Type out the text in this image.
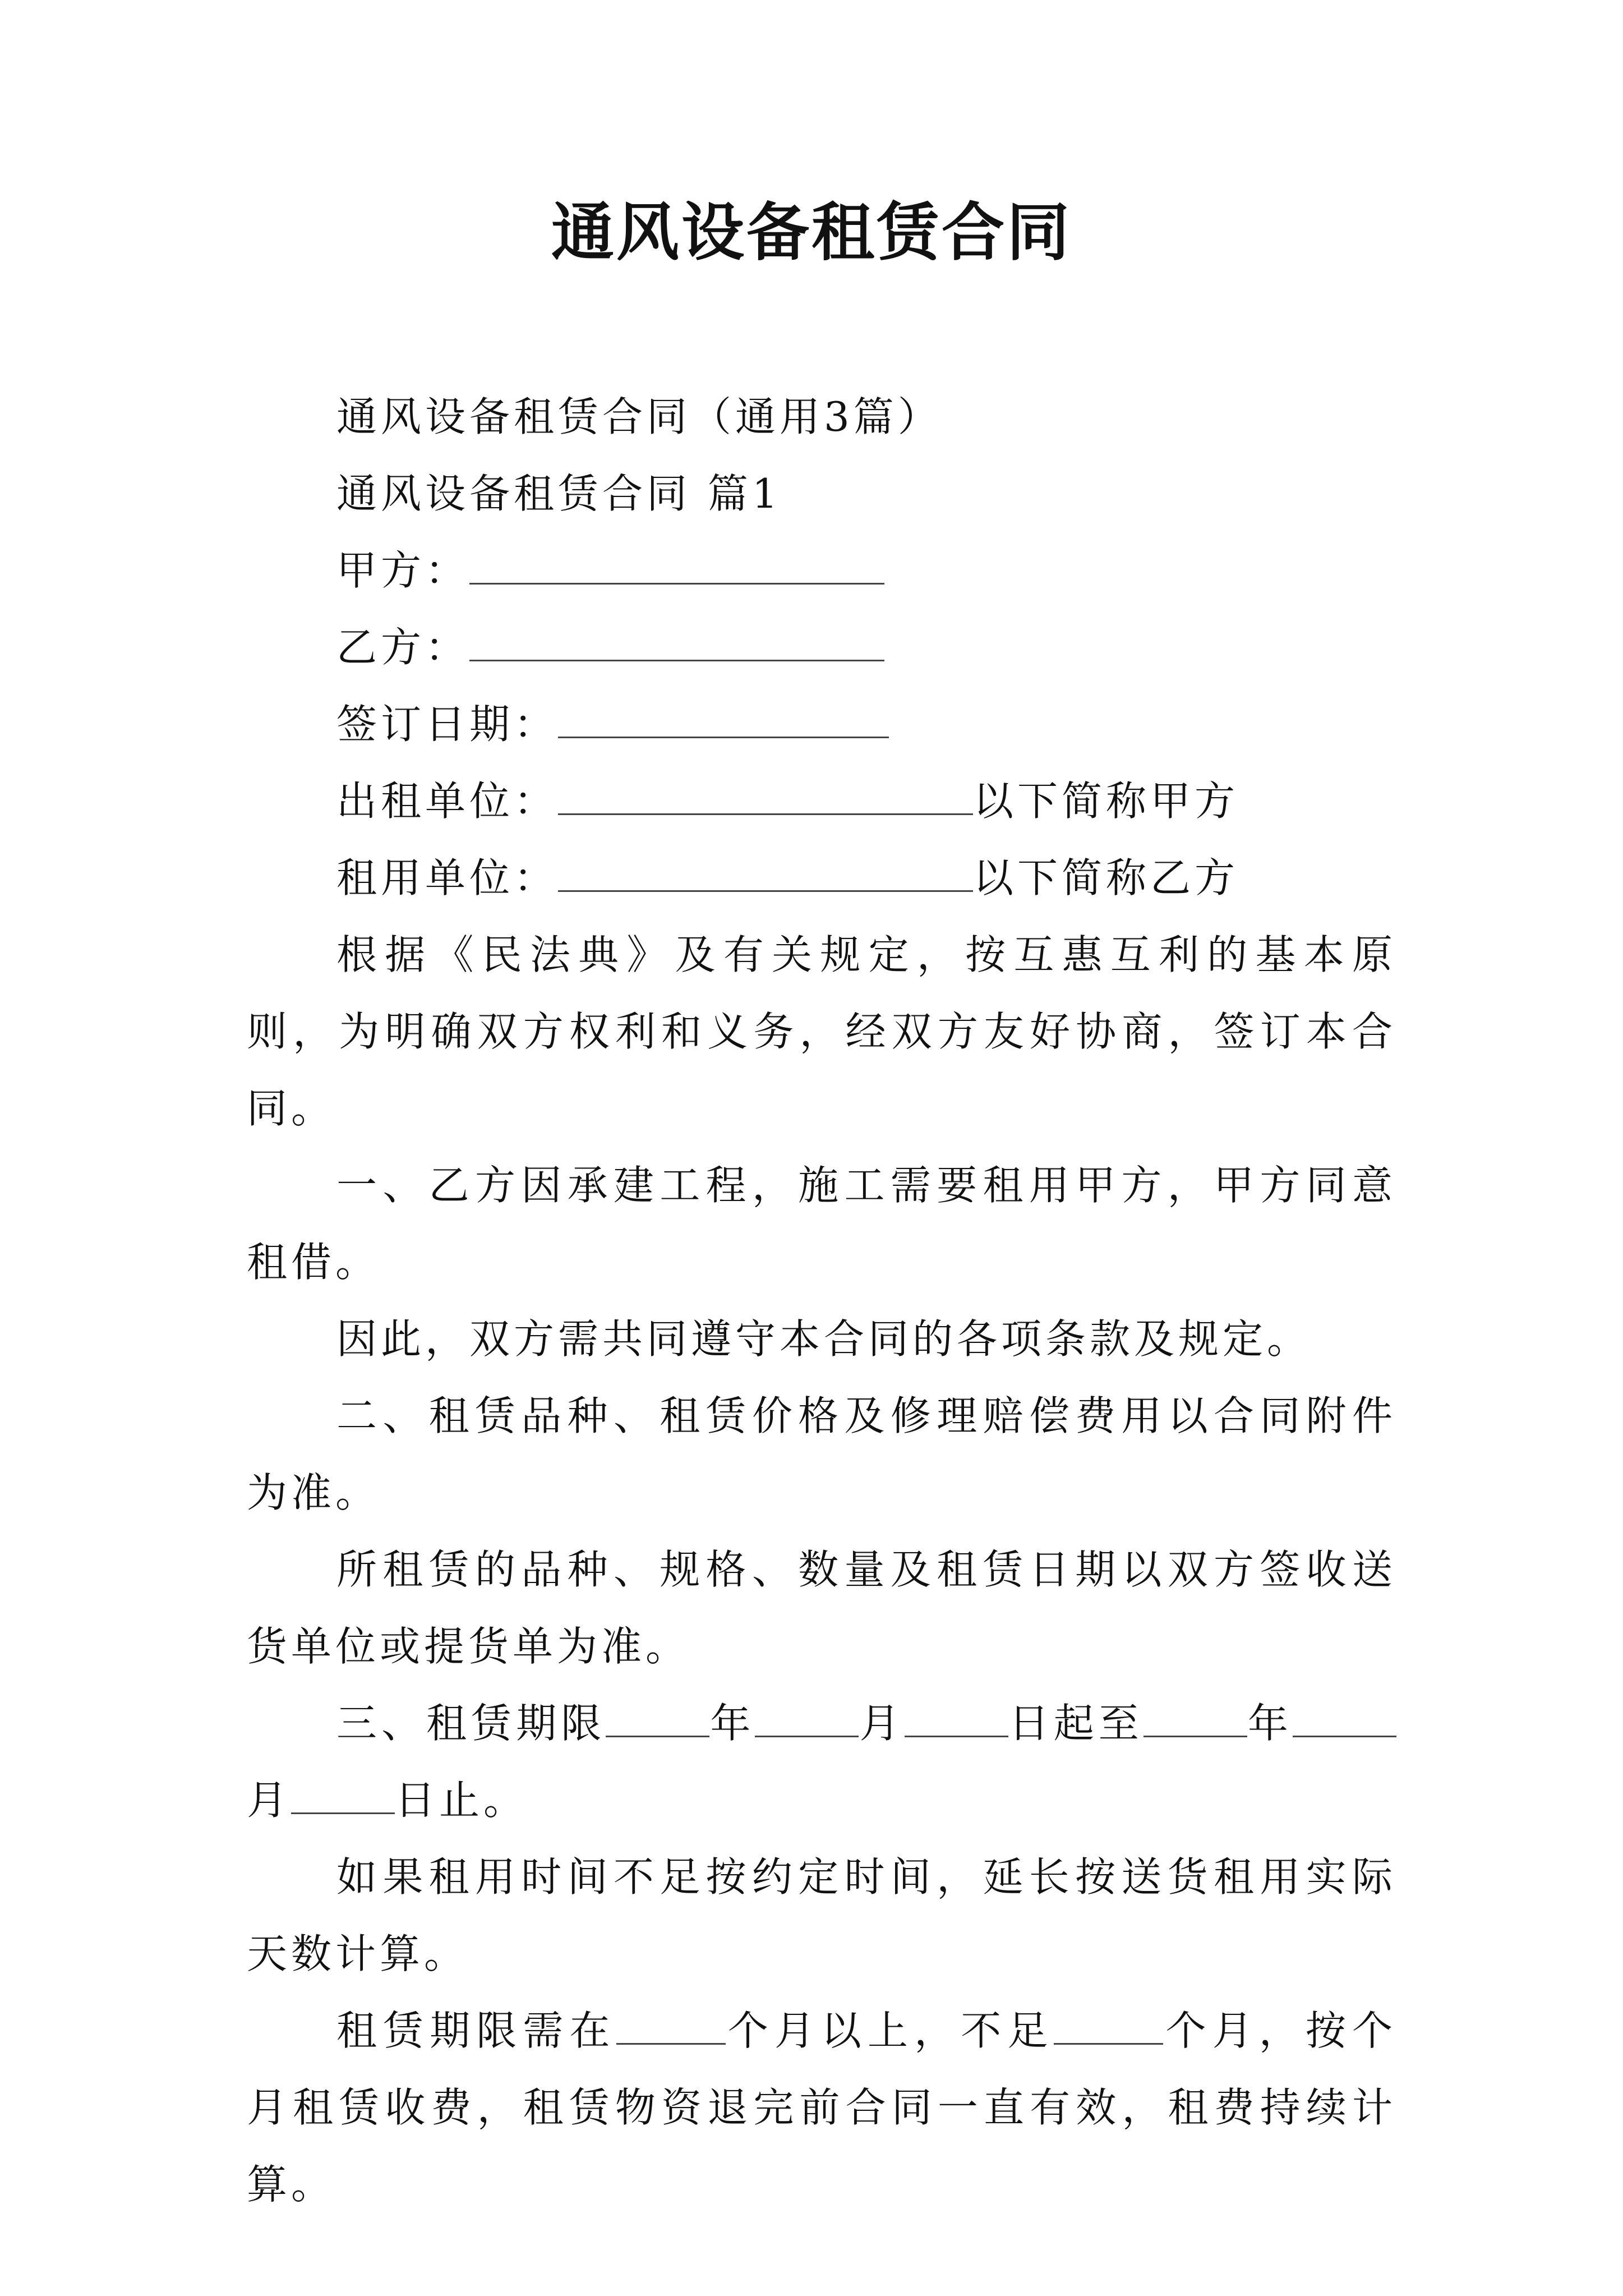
通风设备租赁合同

通风设备租赁合同（通用3篇）

通风设备租赁合同 篇1

甲方：

乙方：

签订日期：

出租单位：	以下简称甲方

租用单位：	以下简称乙方

根据《民法典》及有关规定，按互惠互利的基本原则，为明确双方权利和义务，经双方友好协商，签订本合同。

一、乙方因承建工程，施工需要租用甲方，甲方同意租借。

因此，双方需共同遵守本合同的各项条款及规定。

二、租赁品种、租赁价格及修理赔偿费用以合同附件为准。

所租赁的品种、规格、数量及租赁日期以双方签收送货单位或提货单为准。

三、租赁期限	年	月	日起至	年月	日止。

如果租用时间不足按约定时间，延长按送货租用实际天数计算。

租赁期限需在	个月以上，不足	个月，按个月租赁收费，租赁物资退完前合同一直有效，租费持续计算。
